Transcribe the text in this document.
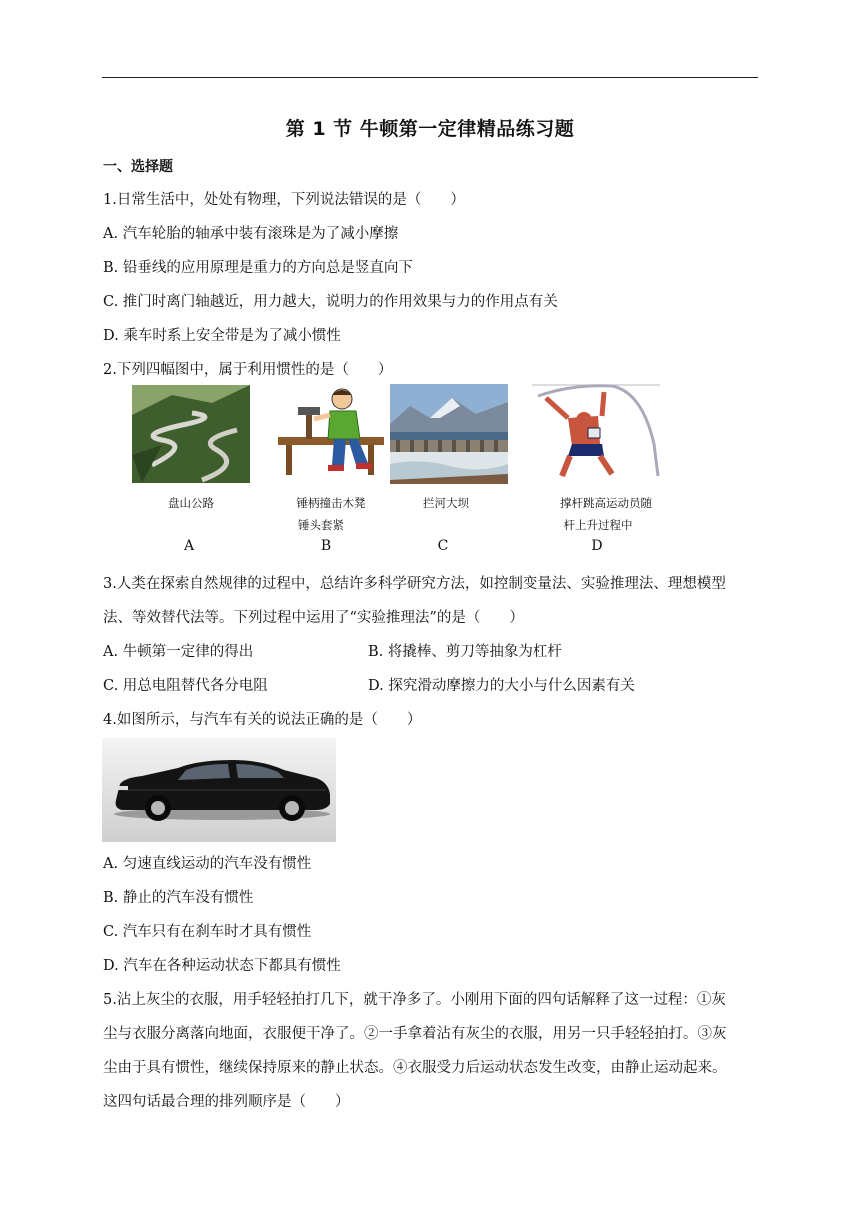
第 1 节 牛顿第一定律精品练习题
一、选择题
1.日常生活中，处处有物理，下列说法错误的是（　　）
A. 汽车轮胎的轴承中装有滚珠是为了减小摩擦
B. 铅垂线的应用原理是重力的方向总是竖直向下
C. 推门时离门轴越近，用力越大，说明力的作用效果与力的作用点有关
D. 乘车时系上安全带是为了减小惯性
2.下列四幅图中，属于利用惯性的是（　　）
盘山公路	锤柄撞击木凳
锤头套紧
拦河大坝	撑杆跳高运动员随
杆上升过程中
A	B	C	D
3.人类在探索自然规律的过程中，总结许多科学研究方法，如控制变量法、实验推理法、理想模型
法、等效替代法等。下列过程中运用了“实验推理法”的是（　　）
A. 牛顿第一定律的得出	B. 将撬棒、剪刀等抽象为杠杆
C. 用总电阻替代各分电阻	D. 探究滑动摩擦力的大小与什么因素有关
4.如图所示，与汽车有关的说法正确的是（　　）
A. 匀速直线运动的汽车没有惯性
B. 静止的汽车没有惯性
C. 汽车只有在刹车时才具有惯性
D. 汽车在各种运动状态下都具有惯性
5.沾上灰尘的衣服，用手轻轻拍打几下，就干净多了。小刚用下面的四句话解释了这一过程：①灰
尘与衣服分离落向地面，衣服便干净了。②一手拿着沾有灰尘的衣服，用另一只手轻轻拍打。③灰
尘由于具有惯性，继续保持原来的静止状态。④衣服受力后运动状态发生改变，由静止运动起来。
这四句话最合理的排列顺序是（　　）
